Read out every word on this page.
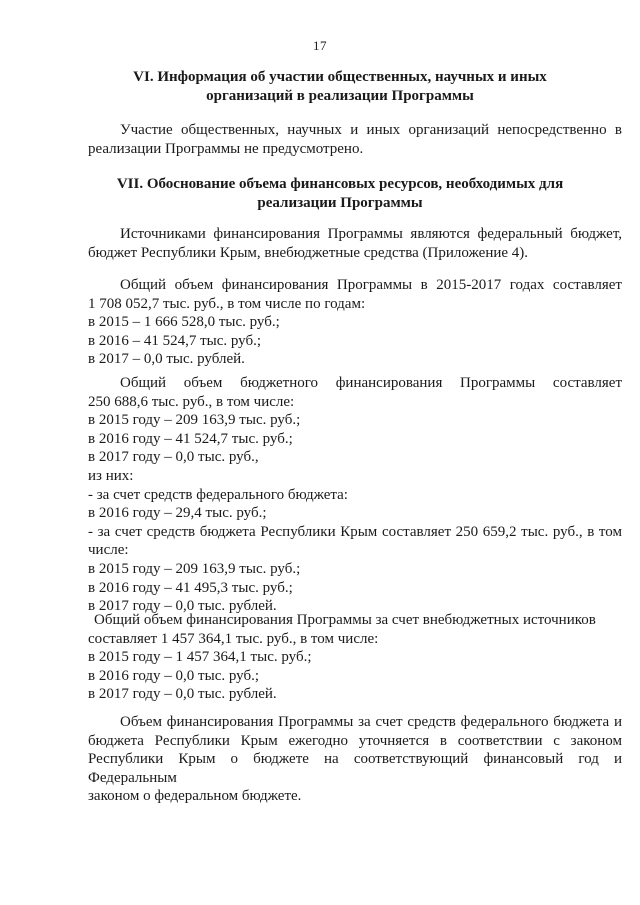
17
VI. Информация об участии общественных, научных и иных
организаций в реализации Программы
Участие общественных, научных и иных организаций непосредственно в
реализации Программы не предусмотрено.
VII. Обоснование объема финансовых ресурсов, необходимых для
реализации Программы
Источниками финансирования Программы являются федеральный бюджет,
бюджет Республики Крым, внебюджетные средства (Приложение 4).
Общий объем финансирования Программы в 2015-2017 годах составляет
1 708 052,7 тыс. руб., в том числе по годам:
в 2015 – 1 666 528,0 тыс. руб.;
в 2016 – 41 524,7 тыс. руб.;
в 2017 – 0,0 тыс. рублей.
Общий объем бюджетного финансирования Программы составляет
250 688,6 тыс. руб., в том числе:
в 2015 году – 209 163,9 тыс. руб.;
в 2016 году – 41 524,7 тыс. руб.;
в 2017 году – 0,0 тыс. руб.,
из них:
- за счет средств федерального бюджета:
в 2016 году – 29,4 тыс. руб.;
- за счет средств бюджета Республики Крым составляет 250 659,2 тыс. руб., в том
числе:
в 2015 году – 209 163,9 тыс. руб.;
в 2016 году – 41 495,3 тыс. руб.;
в 2017 году – 0,0 тыс. рублей.
Общий объем финансирования Программы за счет внебюджетных источников
составляет 1 457 364,1 тыс. руб., в том числе:
в 2015 году – 1 457 364,1 тыс. руб.;
в 2016 году – 0,0 тыс. руб.;
в 2017 году – 0,0 тыс. рублей.
Объем финансирования Программы за счет средств федерального бюджета и
бюджета Республики Крым ежегодно уточняется в соответствии с законом
Республики Крым о бюджете на соответствующий финансовый год и Федеральным
законом о федеральном бюджете.
